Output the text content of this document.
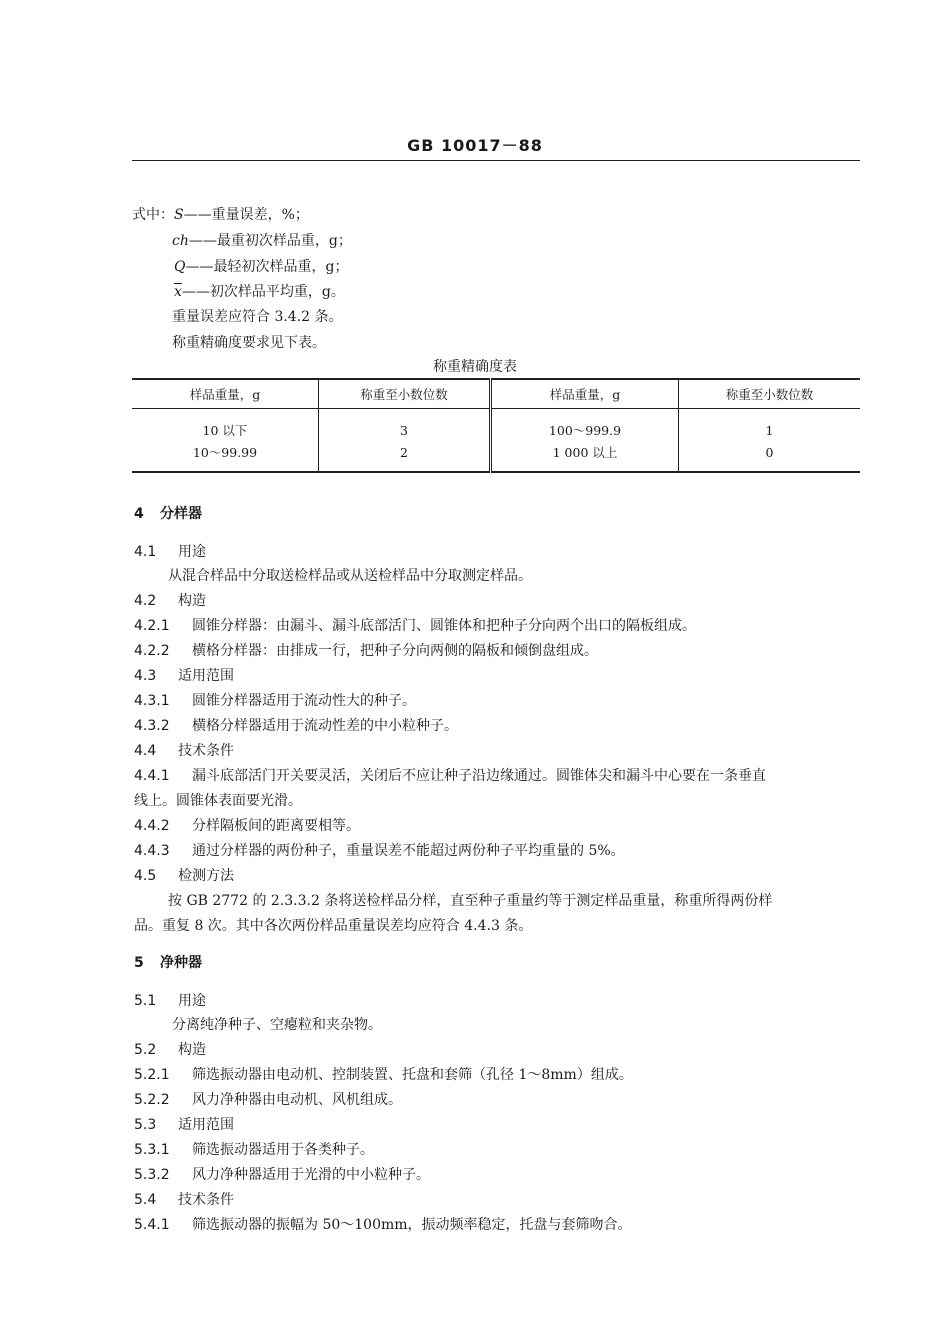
GB 10017－88
式中：S——重量误差，%；
ch——最重初次样品重，g；
Q——最轻初次样品重，g；
$\overline{x}——$初次样品平均重，g。
重量误差应符合 3.4.2 条。
称重精确度要求见下表。
称重精确度表
样品重量，g	称重至小数位数	样品重量，g	称重至小数位数
10 以下	3	100～999.9	1
10～99.99	2	1 000 以上	0
4 分样器
4.1 用途
从混合样品中分取送检样品或从送检样品中分取测定样品。
4.2 构造
4.2.1 圆锥分样器：由漏斗、漏斗底部活门、圆锥体和把种子分向两个出口的隔板组成。
4.2.2 横格分样器：由排成一行，把种子分向两侧的隔板和倾倒盘组成。
4.3 适用范围
4.3.1 圆锥分样器适用于流动性大的种子。
4.3.2 横格分样器适用于流动性差的中小粒种子。
4.4 技术条件
4.4.1 漏斗底部活门开关要灵活，关闭后不应让种子沿边缘通过。圆锥体尖和漏斗中心要在一条垂直
线上。圆锥体表面要光滑。
4.4.2 分样隔板间的距离要相等。
4.4.3 通过分样器的两份种子，重量误差不能超过两份种子平均重量的 5%。
4.5 检测方法
按 GB 2772 的 2.3.3.2 条将送检样品分样，直至种子重量约等于测定样品重量，称重所得两份样
品。重复 8 次。其中各次两份样品重量误差均应符合 4.4.3 条。
5 净种器
5.1 用途
分离纯净种子、空瘪粒和夹杂物。
5.2 构造
5.2.1 筛选振动器由电动机、控制装置、托盘和套筛（孔径 1～8mm）组成。
5.2.2 风力净种器由电动机、风机组成。
5.3 适用范围
5.3.1 筛选振动器适用于各类种子。
5.3.2 风力净种器适用于光滑的中小粒种子。
5.4 技术条件
5.4.1 筛选振动器的振幅为 50～100mm，振动频率稳定，托盘与套筛吻合。
